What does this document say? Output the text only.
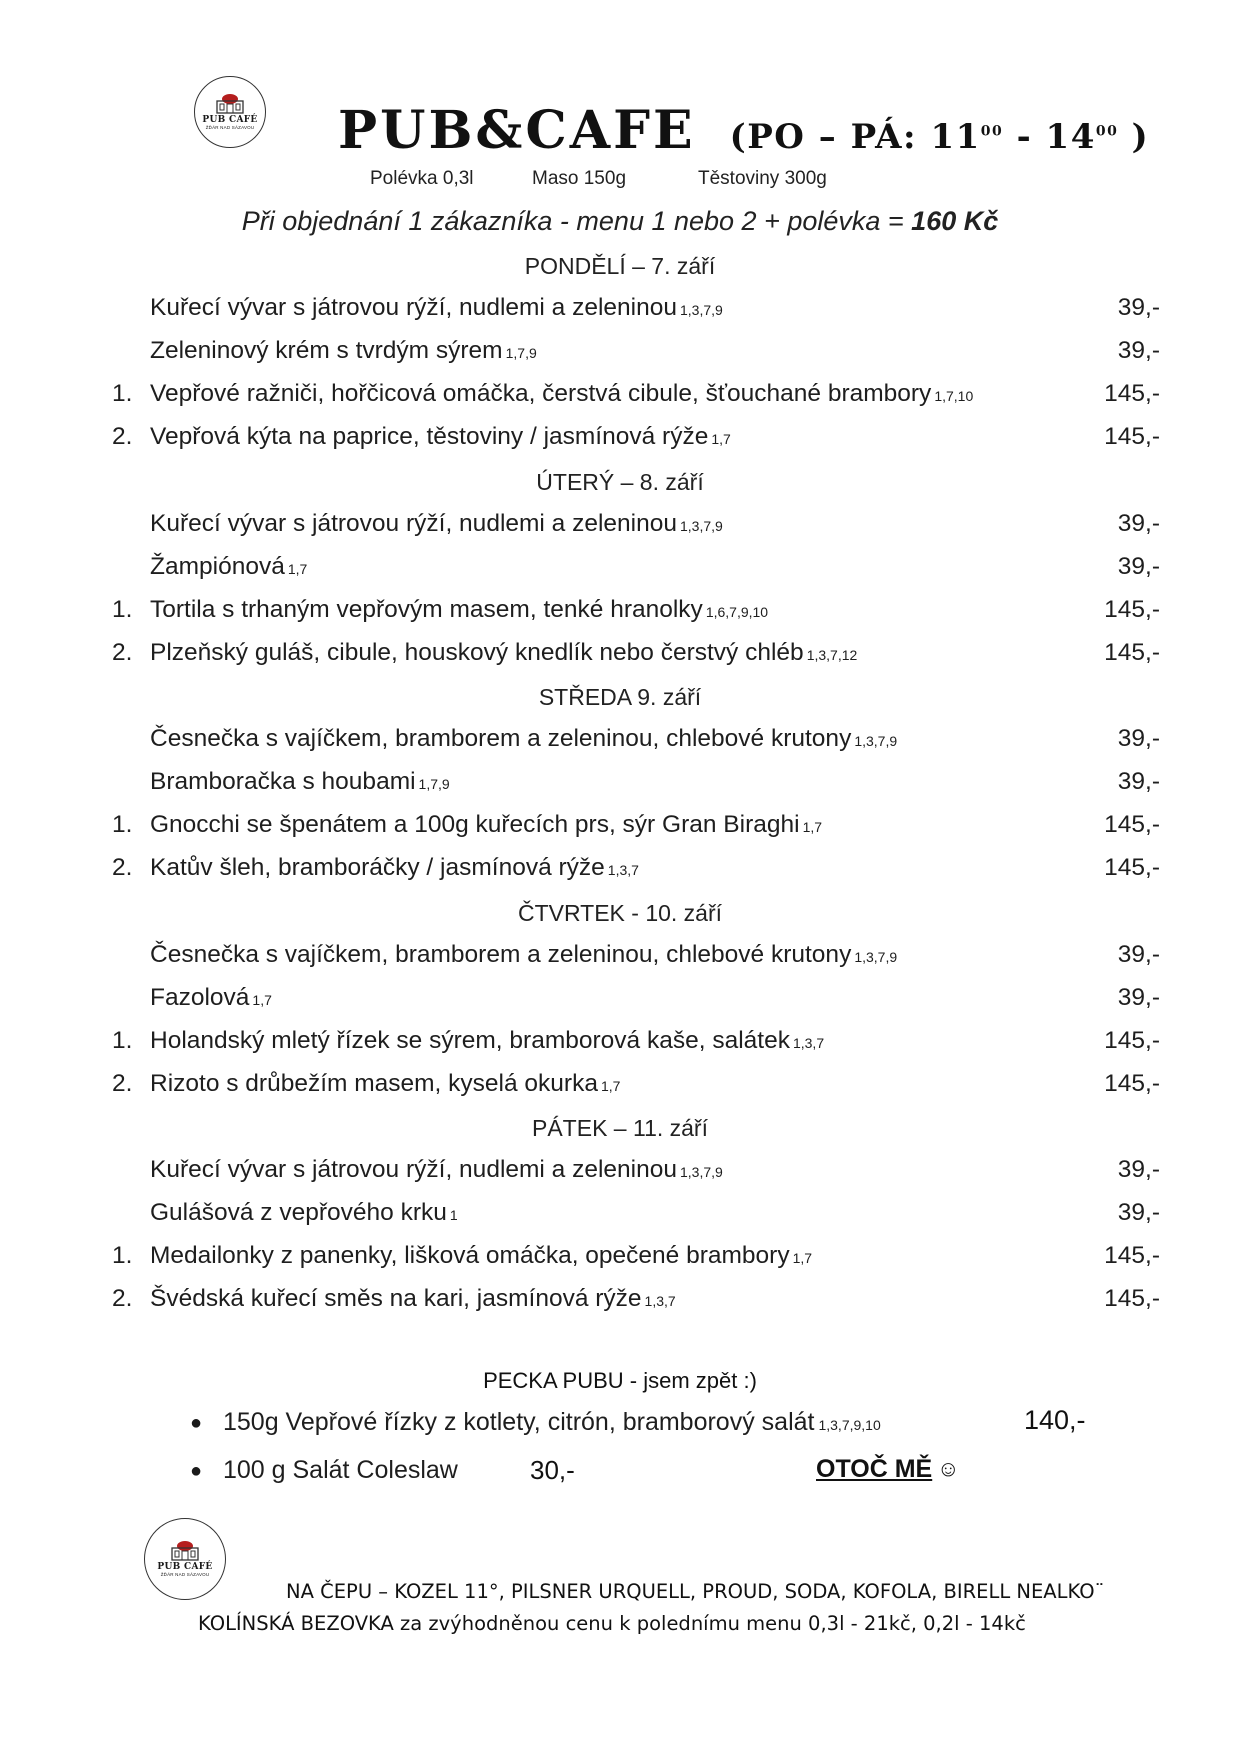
PUB CAFÉ
ŽĎÁR NAD SÁZAVOU PUB&CAFE (PO – PÁ: $11^{00} - 14^{00}$ )
Polévka 0,3l	Maso 150g	Těstoviny 300g
Při objednání 1 zákazníka - menu 1 nebo 2 + polévka = 160 Kč
PONDĚLÍ – 7. září
Kuřecí vývar s játrovou rýží, nudlemi a zeleninou 1,3,7,9	39,-
Zeleninový krém s tvrdým sýrem 1,7,9	39,-
1. Vepřové ražniči, hořčicová omáčka, čerstvá cibule, šťouchané brambory 1,7,10	145,-
2. Vepřová kýta na paprice, těstoviny / jasmínová rýže 1,7	145,-
ÚTERÝ – 8. září
Kuřecí vývar s játrovou rýží, nudlemi a zeleninou 1,3,7,9	39,-
Žampiónová 1,7	39,-
1. Tortila s trhaným vepřovým masem, tenké hranolky 1,6,7,9,10	145,-
2. Plzeňský guláš, cibule, houskový knedlík nebo čerstvý chléb 1,3,7,12	145,-
STŘEDA 9. září
Česnečka s vajíčkem, bramborem a zeleninou, chlebové krutony 1,3,7,9	39,-
Bramboračka s houbami 1,7,9	39,-
1. Gnocchi se špenátem a 100g kuřecích prs, sýr Gran Biraghi 1,7	145,-
2. Katův šleh, bramboráčky / jasmínová rýže 1,3,7	145,-
ČTVRTEK - 10. září
Česnečka s vajíčkem, bramborem a zeleninou, chlebové krutony 1,3,7,9	39,-
Fazolová 1,7	39,-
1. Holandský mletý řízek se sýrem, bramborová kaše, salátek 1,3,7	145,-
2. Rizoto s drůbežím masem, kyselá okurka 1,7	145,-
PÁTEK – 11. září
Kuřecí vývar s játrovou rýží, nudlemi a zeleninou 1,3,7,9	39,-
Gulášová z vepřového krku 1	39,-
1. Medailonky z panenky, lišková omáčka, opečené brambory 1,7	145,-
2. Švédská kuřecí směs na kari, jasmínová rýže 1,3,7	145,-
PECKA PUBU - jsem zpět :)
● 150g Vepřové řízky z kotlety, citrón, bramborový salát 1,3,7,9,10	140,-
● 100 g Salát Coleslaw	30,-	OTOČ MĚ ☺
PUB CAFÉ
ŽĎÁR NAD SÁZAVOU
NA ČEPU – KOZEL 11°, PILSNER URQUELL, PROUD, SODA, KOFOLA, BIRELL NEALKO¨
KOLÍNSKÁ BEZOVKA za zvýhodněnou cenu k polednímu menu 0,3l - 21kč, 0,2l - 14kč
